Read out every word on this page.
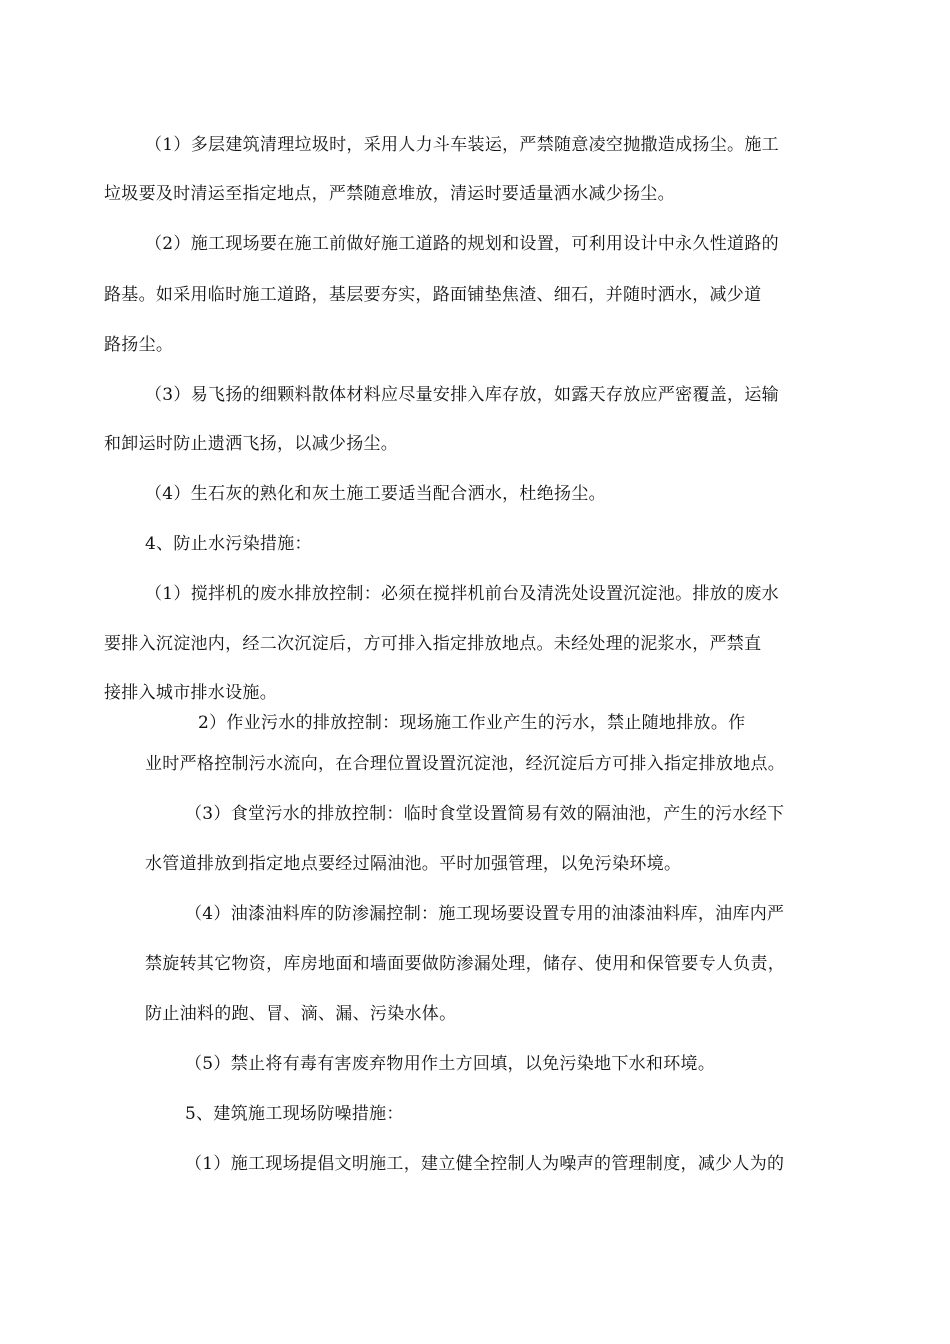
（1）多层建筑清理垃圾时，采用人力斗车装运，严禁随意凌空抛撒造成扬尘。施工
垃圾要及时清运至指定地点，严禁随意堆放，清运时要适量洒水减少扬尘。
（2）施工现场要在施工前做好施工道路的规划和设置，可利用设计中永久性道路的
路基。如采用临时施工道路，基层要夯实，路面铺垫焦渣、细石，并随时洒水，减少道
路扬尘。
（3）易飞扬的细颗料散体材料应尽量安排入库存放，如露天存放应严密覆盖，运输
和卸运时防止遗洒飞扬，以减少扬尘。
（4）生石灰的熟化和灰土施工要适当配合洒水，杜绝扬尘。
4、防止水污染措施：
（1）搅拌机的废水排放控制：必须在搅拌机前台及清洗处设置沉淀池。排放的废水
要排入沉淀池内，经二次沉淀后，方可排入指定排放地点。未经处理的泥浆水，严禁直
接排入城市排水设施。
2）作业污水的排放控制：现场施工作业产生的污水，禁止随地排放。作
业时严格控制污水流向，在合理位置设置沉淀池，经沉淀后方可排入指定排放地点。
（3）食堂污水的排放控制：临时食堂设置简易有效的隔油池，产生的污水经下
水管道排放到指定地点要经过隔油池。平时加强管理，以免污染环境。
（4）油漆油料库的防渗漏控制：施工现场要设置专用的油漆油料库，油库内严
禁旋转其它物资，库房地面和墙面要做防渗漏处理，储存、使用和保管要专人负责，
防止油料的跑、冒、滴、漏、污染水体。
（5）禁止将有毒有害废弃物用作土方回填，以免污染地下水和环境。
5、建筑施工现场防噪措施：
（1）施工现场提倡文明施工，建立健全控制人为噪声的管理制度，减少人为的
